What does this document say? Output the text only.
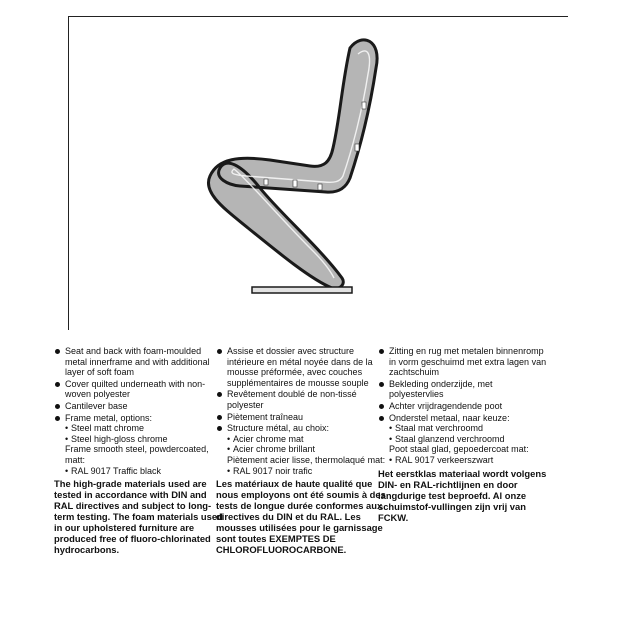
Seat and back with foam-moulded metal innerframe and with additional layer of soft foam
Cover quilted underneath with non-woven polyester
Cantilever base
Frame metal, options:
• Steel matt chrome
• Steel high-gloss chrome
Frame smooth steel, powdercoated, matt:
• RAL 9017 Traffic black
The high-grade materials used are tested in accordance with DIN and RAL directives and subject to long-term testing. The foam materials used in our upholstered furniture are produced free of fluoro-chlorinated hydrocarbons.
Assise et dossier avec structure intérieure en métal noyée dans de la mousse préformée, avec couches supplémentaires de mousse souple
Revêtement doublé de non-tissé polyester
Piètement traîneau
Structure métal, au choix:
• Acier chrome mat
• Acier chrome brillant
Piètement acier lisse, thermolaqué mat:
• RAL 9017 noir trafic
Les matériaux de haute qualité que nous employons ont été soumis à des tests de longue durée conformes aux directives du DIN et du RAL. Les mousses utilisées pour le garnissage sont toutes EXEMPTES DE CHLOROFLUOROCARBONE.
Zitting en rug met metalen binnenromp in vorm geschuimd met extra lagen van zachtschuim
Bekleding onderzijde, met polyestervlies
Achter vrijdragendende poot
Onderstel metaal, naar keuze:
• Staal mat verchroomd
• Staal glanzend verchroomd
Poot staal glad, gepoedercoat mat:
• RAL 9017 verkeerszwart
Het eerstklas materiaal wordt volgens DIN- en RAL-richtlijnen en door langdurige test beproefd. Al onze schuimstof-vullingen zijn vrij van FCKW.
